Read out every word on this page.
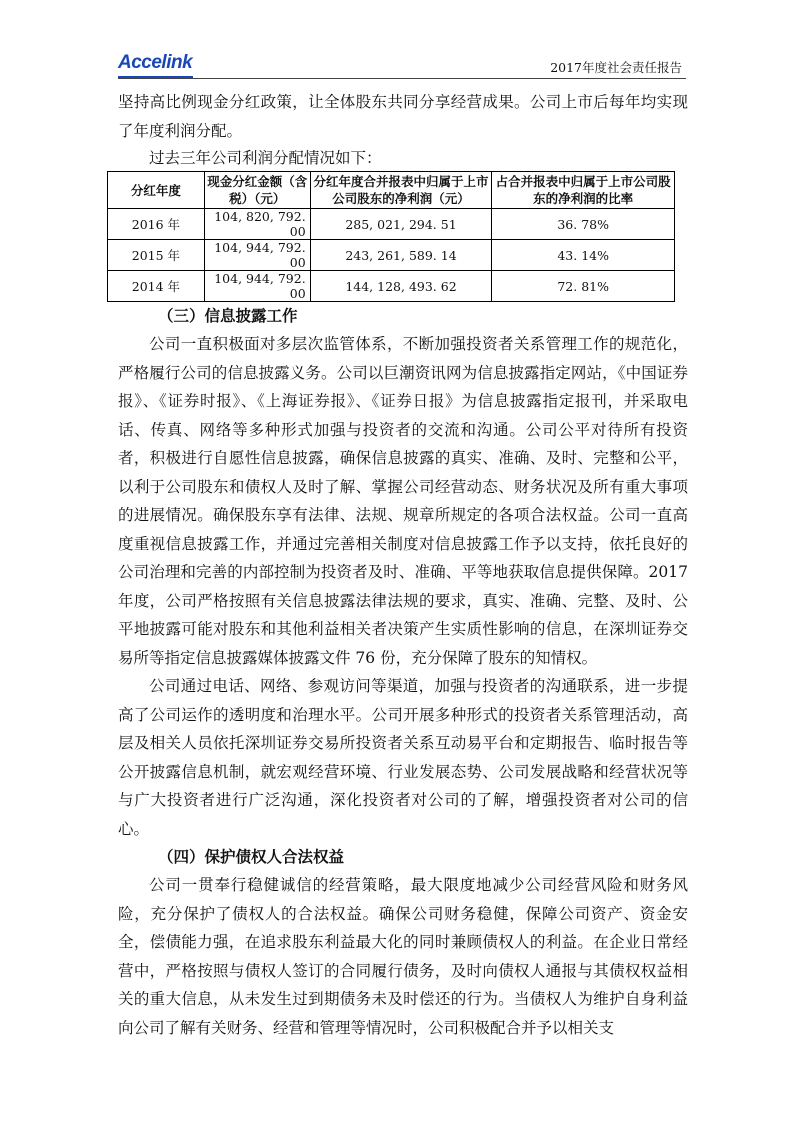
Accelink	2017年度社会责任报告

坚持高比例现金分红政策，让全体股东共同分享经营成果。公司上市后每年均实现了年度利润分配。

过去三年公司利润分配情况如下：
分红年度	现金分红金额（含税）（元）	分红年度合并报表中归属于上市公司股东的净利润（元）	占合并报表中归属于上市公司股东的净利润的比率
2016 年	104, 820, 792. 00	285, 021, 294. 51	36. 78%
2015 年	104, 944, 792. 00	243, 261, 589. 14	43. 14%
2014 年	104, 944, 792. 00	144, 128, 493. 62	72. 81%
（三）信息披露工作

公司一直积极面对多层次监管体系，不断加强投资者关系管理工作的规范化，严格履行公司的信息披露义务。公司以巨潮资讯网为信息披露指定网站，《中国证券报》、《证券时报》、《上海证券报》、《证券日报》为信息披露指定报刊，并采取电话、传真、网络等多种形式加强与投资者的交流和沟通。公司公平对待所有投资者，积极进行自愿性信息披露，确保信息披露的真实、准确、及时、完整和公平，以利于公司股东和债权人及时了解、掌握公司经营动态、财务状况及所有重大事项的进展情况。确保股东享有法律、法规、规章所规定的各项合法权益。公司一直高度重视信息披露工作，并通过完善相关制度对信息披露工作予以支持，依托良好的公司治理和完善的内部控制为投资者及时、准确、平等地获取信息提供保障。2017 年度，公司严格按照有关信息披露法律法规的要求，真实、准确、完整、及时、公平地披露可能对股东和其他利益相关者决策产生实质性影响的信息，在深圳证券交易所等指定信息披露媒体披露文件 76 份，充分保障了股东的知情权。

公司通过电话、网络、参观访问等渠道，加强与投资者的沟通联系，进一步提高了公司运作的透明度和治理水平。公司开展多种形式的投资者关系管理活动，高层及相关人员依托深圳证券交易所投资者关系互动易平台和定期报告、临时报告等公开披露信息机制，就宏观经营环境、行业发展态势、公司发展战略和经营状况等与广大投资者进行广泛沟通，深化投资者对公司的了解，增强投资者对公司的信心。

（四）保护债权人合法权益

公司一贯奉行稳健诚信的经营策略，最大限度地减少公司经营风险和财务风险，充分保护了债权人的合法权益。确保公司财务稳健，保障公司资产、资金安全，偿债能力强，在追求股东利益最大化的同时兼顾债权人的利益。在企业日常经营中，严格按照与债权人签订的合同履行债务，及时向债权人通报与其债权权益相关的重大信息，从未发生过到期债务未及时偿还的行为。当债权人为维护自身利益向公司了解有关财务、经营和管理等情况时，公司积极配合并予以相关支
